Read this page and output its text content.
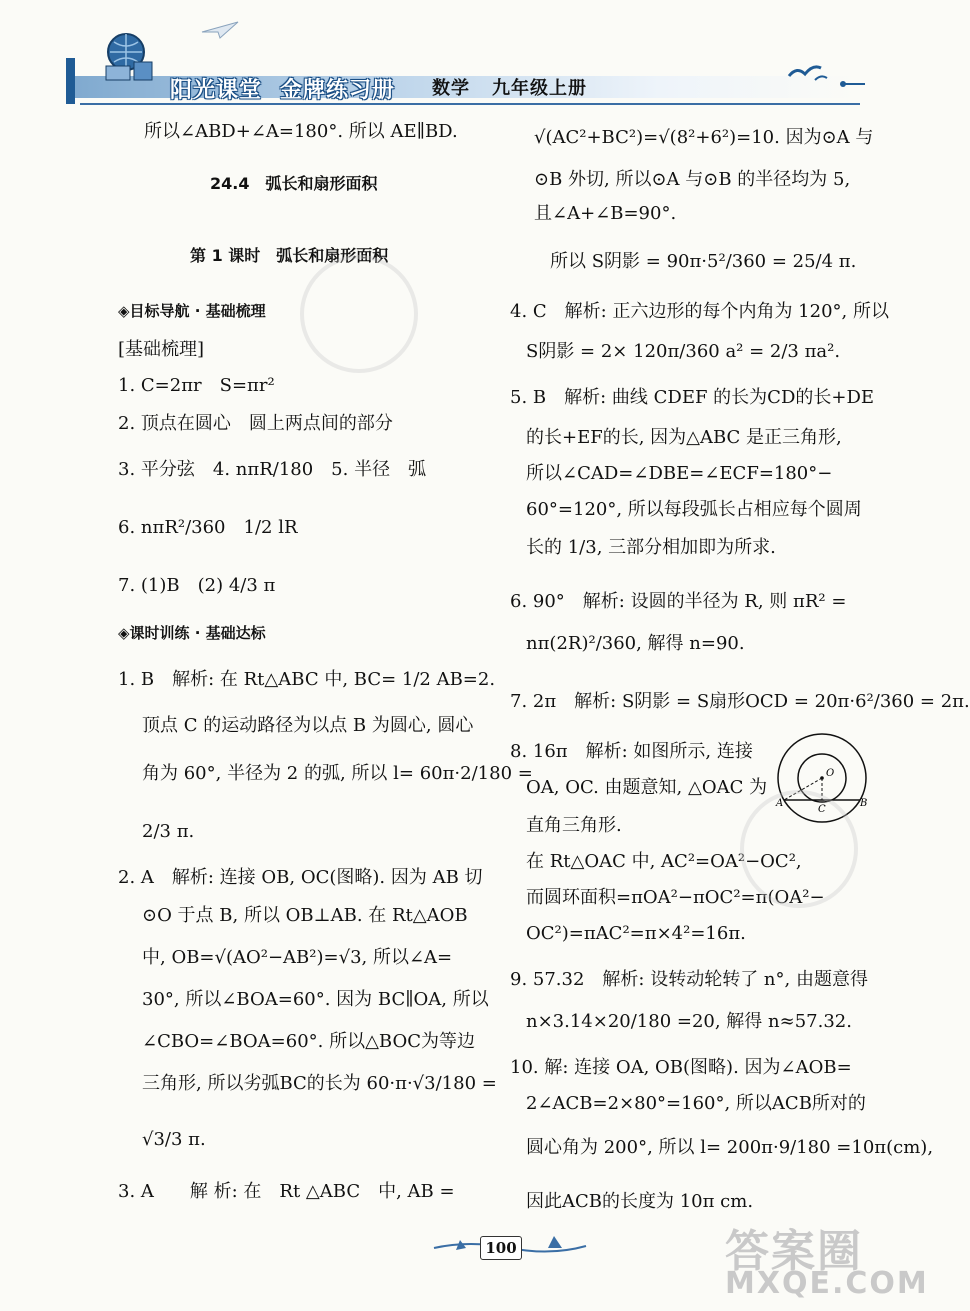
阳光课堂 金牌练习册 数学 九年级上册
所以∠ABD+∠A=180°. 所以 AE∥BD.
24.4　弧长和扇形面积
第 1 课时　弧长和扇形面积
◈目标导航 · 基础梳理
[基础梳理]
1. C=2πr　S=πr²
2. 顶点在圆心　圆上两点间的部分
3. 平分弦　4. nπR/180　5. 半径　弧
6. nπR²/360　1/2 lR
7. (1)B　(2) 4/3 π
◈课时训练 · 基础达标
1. B　解析: 在 Rt△ABC 中, BC= 1/2 AB=2.
顶点 C 的运动路径为以点 B 为圆心, 圆心
角为 60°, 半径为 2 的弧, 所以 l= 60π·2/180 =
2/3 π.
2. A　解析: 连接 OB, OC(图略). 因为 AB 切
⊙O 于点 B, 所以 OB⊥AB. 在 Rt△AOB
中, OB=√(AO²−AB²)=√3, 所以∠A=
30°, 所以∠BOA=60°. 因为 BC∥OA, 所以
∠CBO=∠BOA=60°. 所以△BOC为等边
三角形, 所以劣弧BC的长为 60·π·√3/180 =
√3/3 π.
3. A　　解 析: 在　Rt △ABC　中, AB =
√(AC²+BC²)=√(8²+6²)=10. 因为⊙A 与
⊙B 外切, 所以⊙A 与⊙B 的半径均为 5,
且∠A+∠B=90°.
所以 S阴影 = 90π·5²/360 = 25/4 π.
4. C　解析: 正六边形的每个内角为 120°, 所以
S阴影 = 2× 120π/360 a² = 2/3 πa².
5. B　解析: 曲线 CDEF 的长为CD的长+DE
的长+EF的长, 因为△ABC 是正三角形,
所以∠CAD=∠DBE=∠ECF=180°−
60°=120°, 所以每段弧长占相应每个圆周
长的 1/3, 三部分相加即为所求.
6. 90°　解析: 设圆的半径为 R, 则 πR² =
nπ(2R)²/360, 解得 n=90.
7. 2π　解析: S阴影 = S扇形OCD = 20π·6²/360 = 2π.
8. 16π　解析: 如图所示, 连接
OA, OC. 由题意知, △OAC 为
直角三角形.
在 Rt△OAC 中, AC²=OA²−OC²,
而圆环面积=πOA²−πOC²=π(OA²−
OC²)=πAC²=π×4²=16π.
9. 57.32　解析: 设转动轮转了 n°, 由题意得
n×3.14×20/180 =20, 解得 n≈57.32.
10. 解: 连接 OA, OB(图略). 因为∠AOB=
2∠ACB=2×80°=160°, 所以ACB所对的
圆心角为 200°, 所以 l= 200π·9/180 =10π(cm),
因此ACB的长度为 10π cm.
A	B
C
O
100	答案圈
MXQE.COM
